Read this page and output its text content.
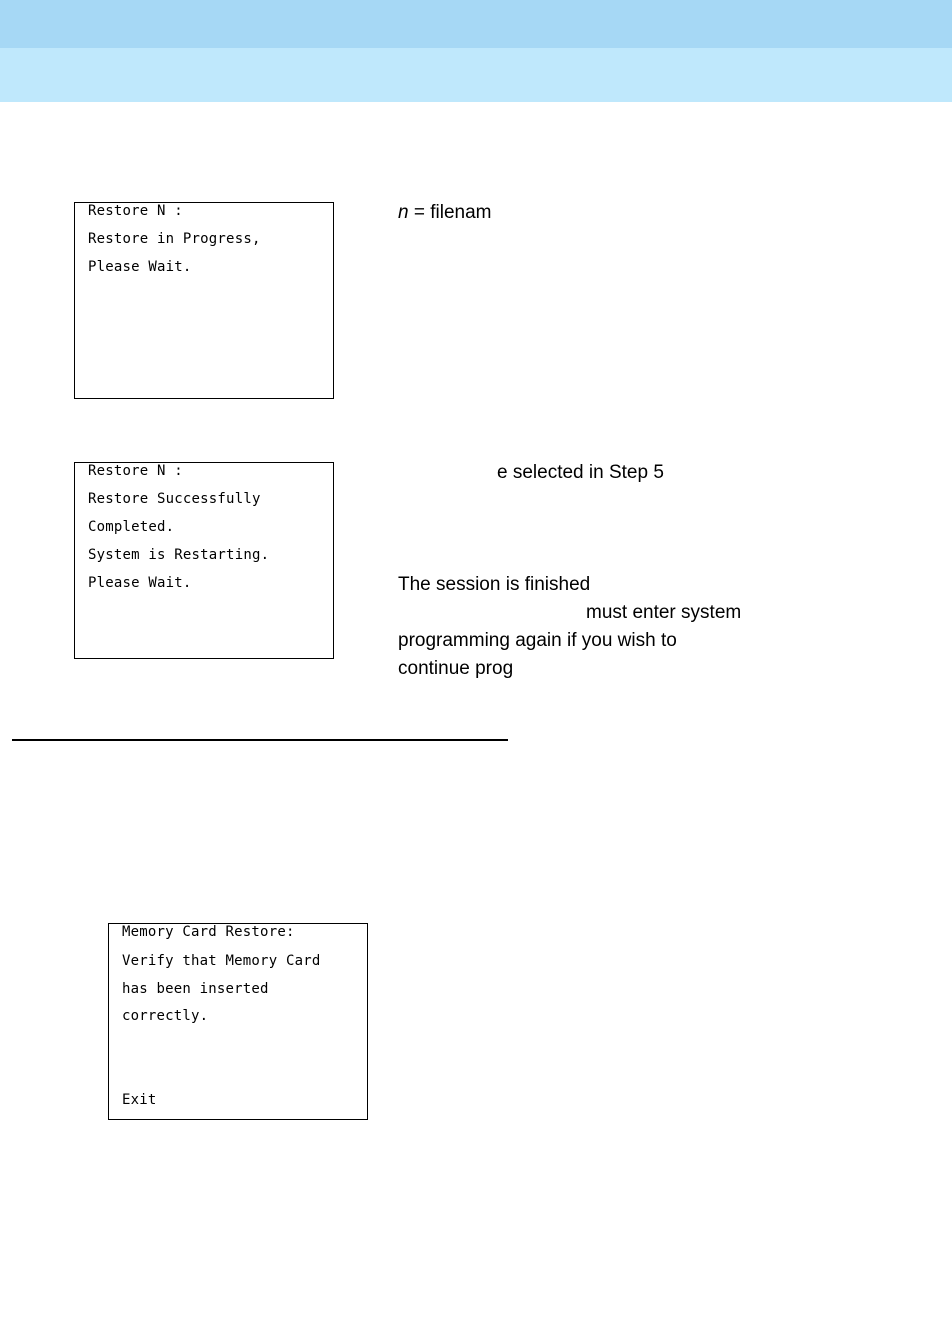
Restore N :
Restore in Progress,
Please Wait.
n = filenam
Restore N :
Restore Successfully
Completed.
System is Restarting.
Please Wait.
e selected in Step 5
The session is finished
must enter system
programming again if you wish to
continue prog
Memory Card Restore:
Verify that Memory Card
has been inserted
correctly.
Exit
